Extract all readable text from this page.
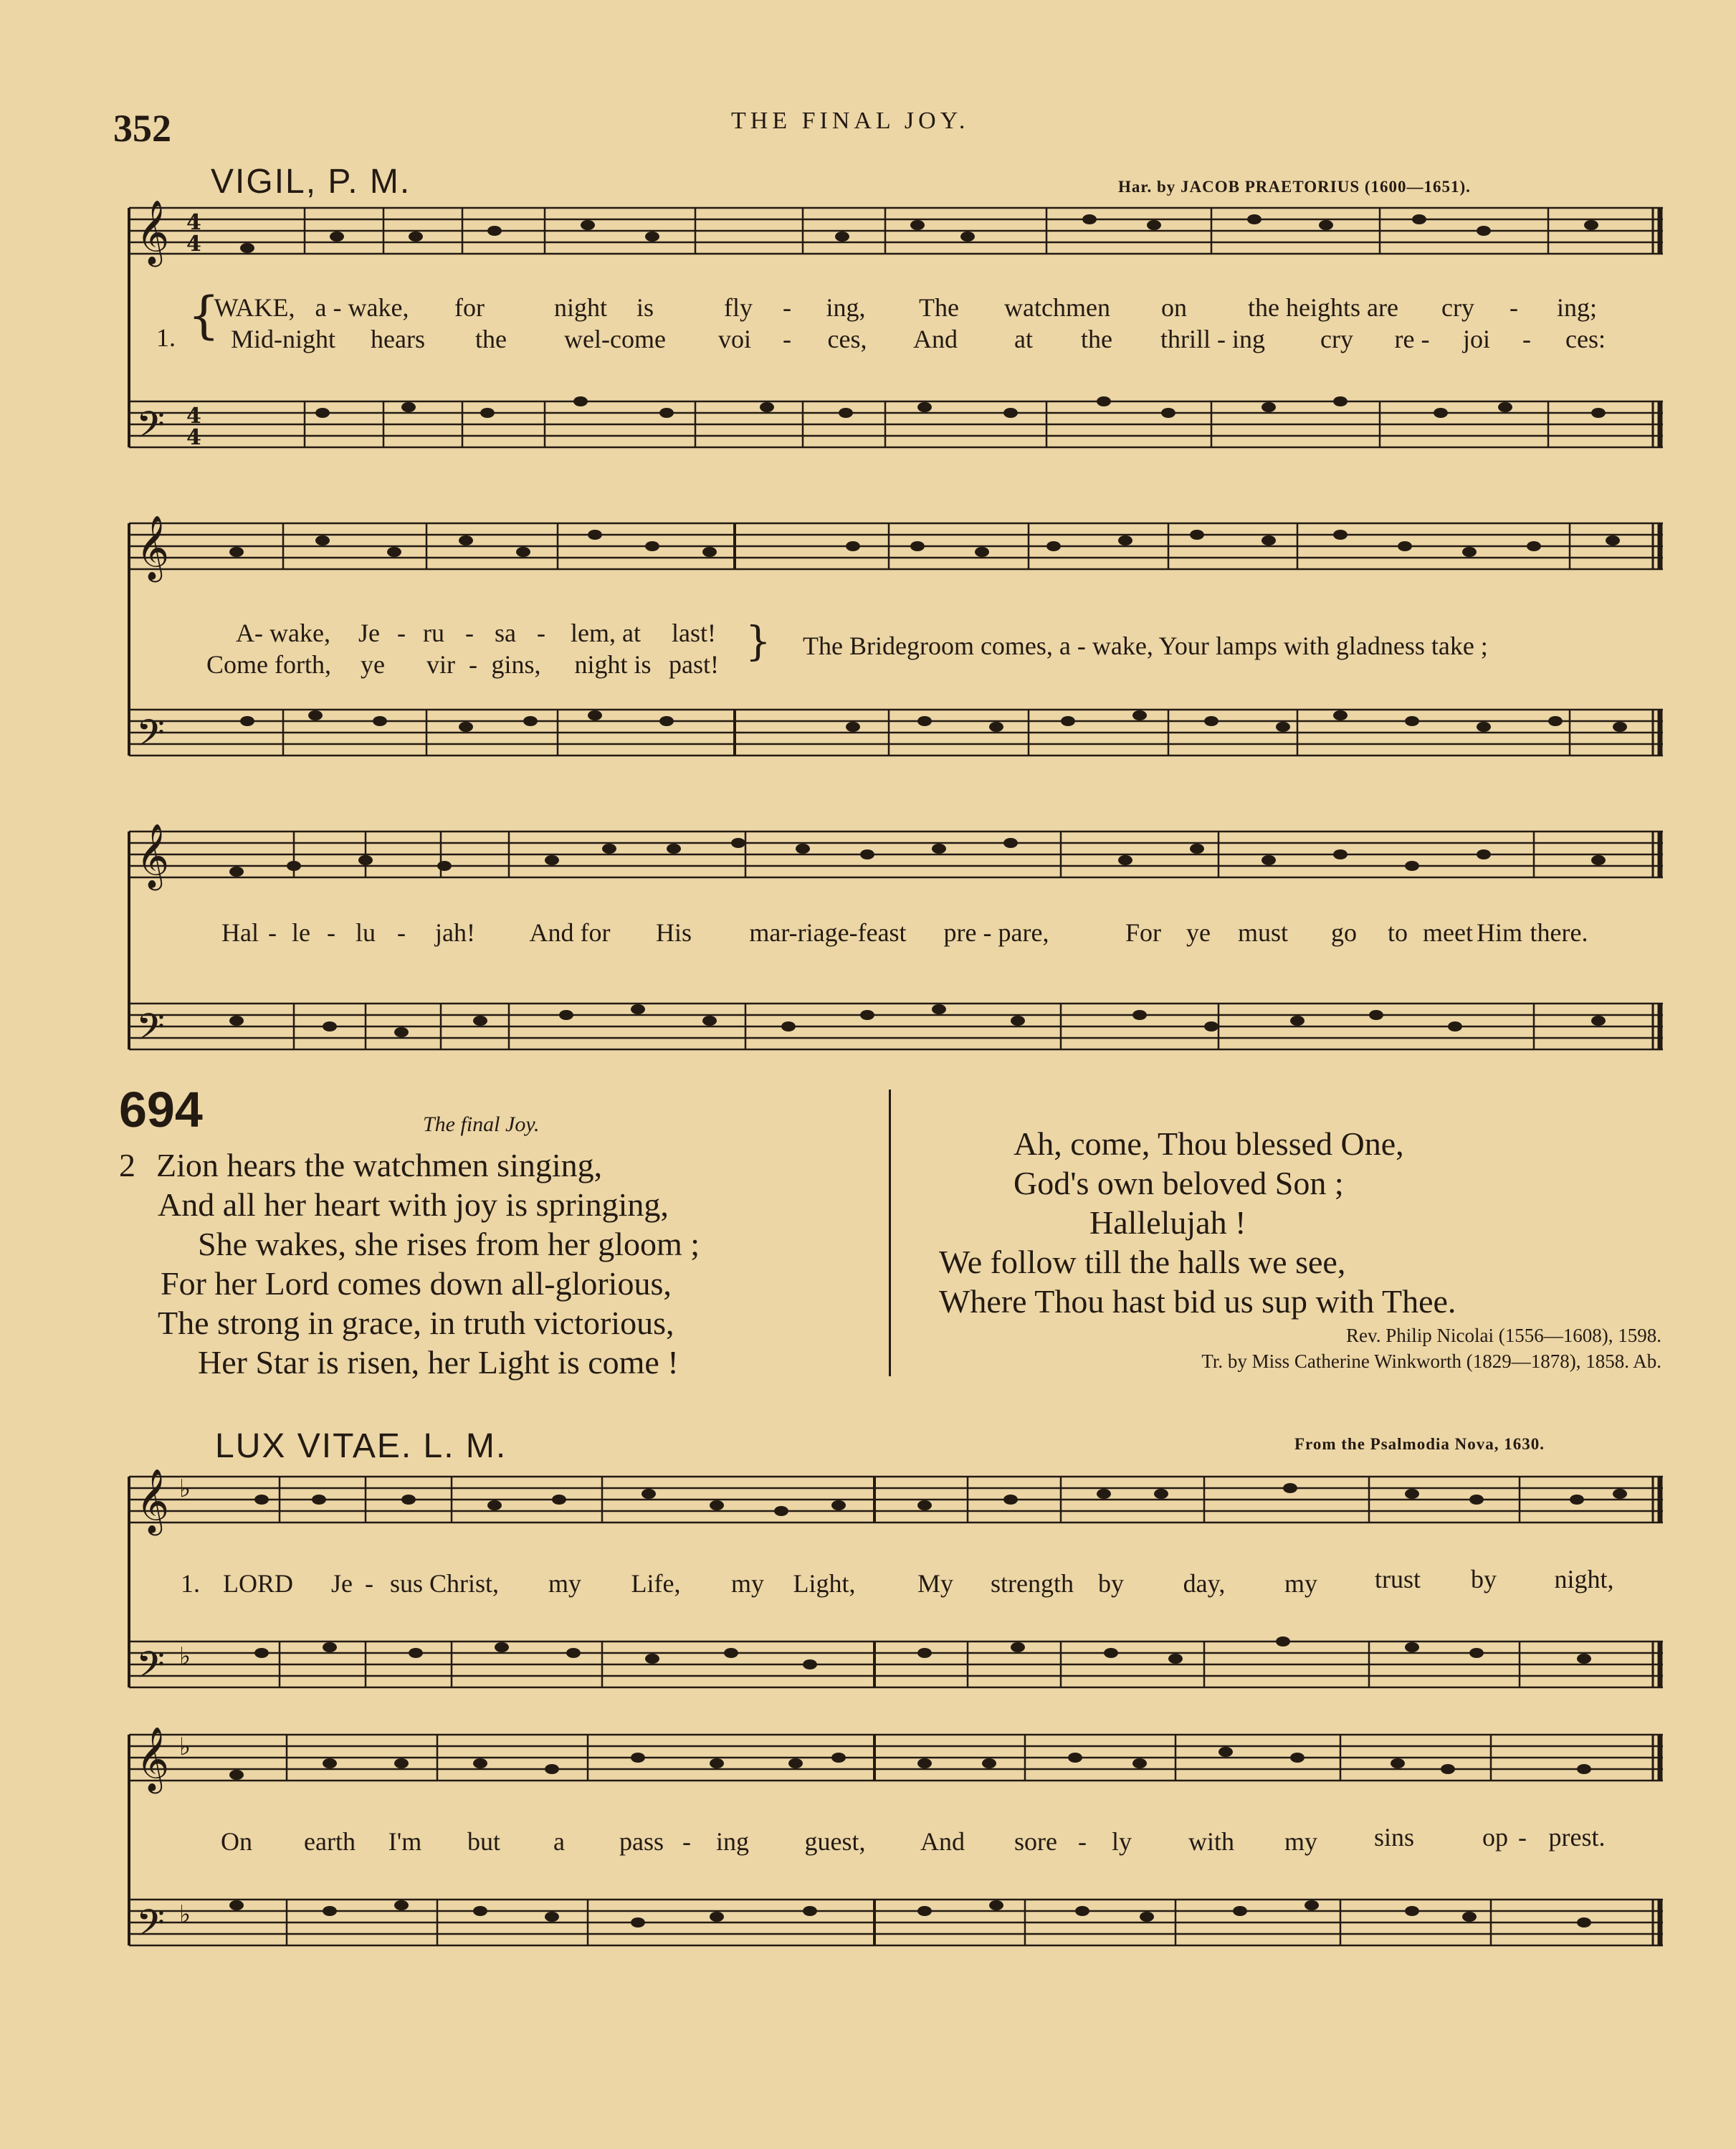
352	THE FINAL JOY.
VIGIL, P. M.	Har. by JACOB PRAETORIUS (1600—1651).
𝄞
𝄢
4
4
4
4
1. {
WAKE, a - wake, for	night is	fly - ing, The watchmen on the heights are cry - ing;
Mid-night hears the wel-come voi - ces, And at the thrill - ing cry re - joi - ces:
𝄞
𝄢
A- wake, Je - ru - sa - lem, at last!
Come forth, ye vir - gins, night is past! } The Bridegroom comes, a - wake, Your lamps with gladness take ;
𝄞
𝄢
Hal - le - lu - jah! And for His mar-riage-feast pre - pare,	For ye must go to meet Him there.
694	The final Joy.
2 Zion hears the watchmen singing,
And all her heart with joy is springing,
She wakes, she rises from her gloom ;
For her Lord comes down all-glorious,
The strong in grace, in truth victorious,
Her Star is risen, her Light is come !
Ah, come, Thou blessed One,
God's own beloved Son ;
Hallelujah !
We follow till the halls we see,
Where Thou hast bid us sup with Thee.
Rev. Philip Nicolai (1556—1608), 1598.
Tr. by Miss Catherine Winkworth (1829—1878), 1858. Ab.
LUX VITAE. L. M.	From the Psalmodia Nova, 1630.
𝄞
𝄢
♭
♭
1. LORD Je - sus Christ, my Life, my Light, My strength by day, my trust by night,
𝄞
𝄢
♭
♭
On earth I'm but a pass - ing guest, And sore - ly with my sins	op - prest.
